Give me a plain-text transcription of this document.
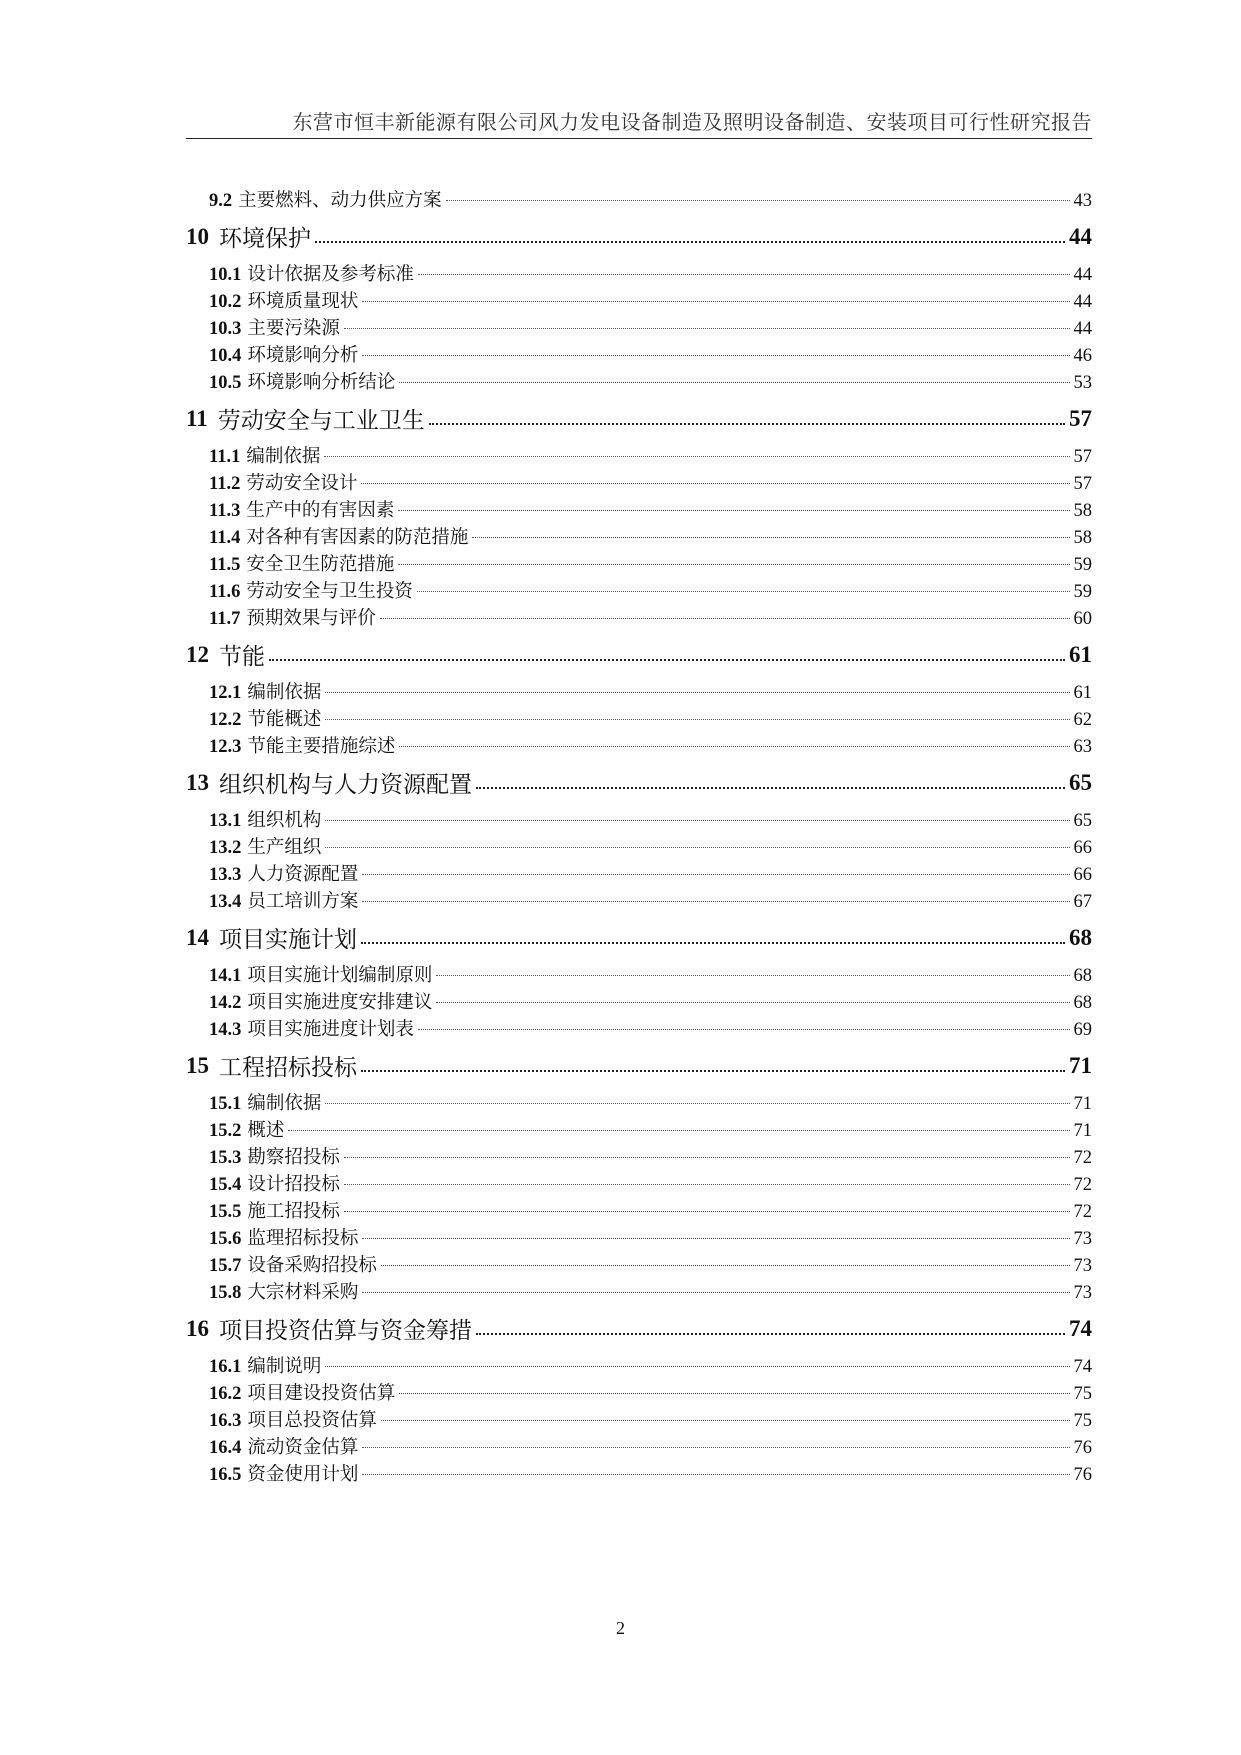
东营市恒丰新能源有限公司风力发电设备制造及照明设备制造、安装项目可行性研究报告
9.2 主要燃料、动力供应方案	43
10 环境保护	44
10.1 设计依据及参考标准	44
10.2 环境质量现状	44
10.3 主要污染源	44
10.4 环境影响分析	46
10.5 环境影响分析结论	53
11 劳动安全与工业卫生	57
11.1 编制依据	57
11.2 劳动安全设计	57
11.3 生产中的有害因素	58
11.4 对各种有害因素的防范措施	58
11.5 安全卫生防范措施	59
11.6 劳动安全与卫生投资	59
11.7 预期效果与评价	60
12 节能	61
12.1 编制依据	61
12.2 节能概述	62
12.3 节能主要措施综述	63
13 组织机构与人力资源配置	65
13.1 组织机构	65
13.2 生产组织	66
13.3 人力资源配置	66
13.4 员工培训方案	67
14 项目实施计划	68
14.1 项目实施计划编制原则	68
14.2 项目实施进度安排建议	68
14.3 项目实施进度计划表	69
15 工程招标投标	71
15.1 编制依据	71
15.2 概述	71
15.3 勘察招投标	72
15.4 设计招投标	72
15.5 施工招投标	72
15.6 监理招标投标	73
15.7 设备采购招投标	73
15.8 大宗材料采购	73
16 项目投资估算与资金筹措	74
16.1 编制说明	74
16.2 项目建设投资估算	75
16.3 项目总投资估算	75
16.4 流动资金估算	76
16.5 资金使用计划	76
2
